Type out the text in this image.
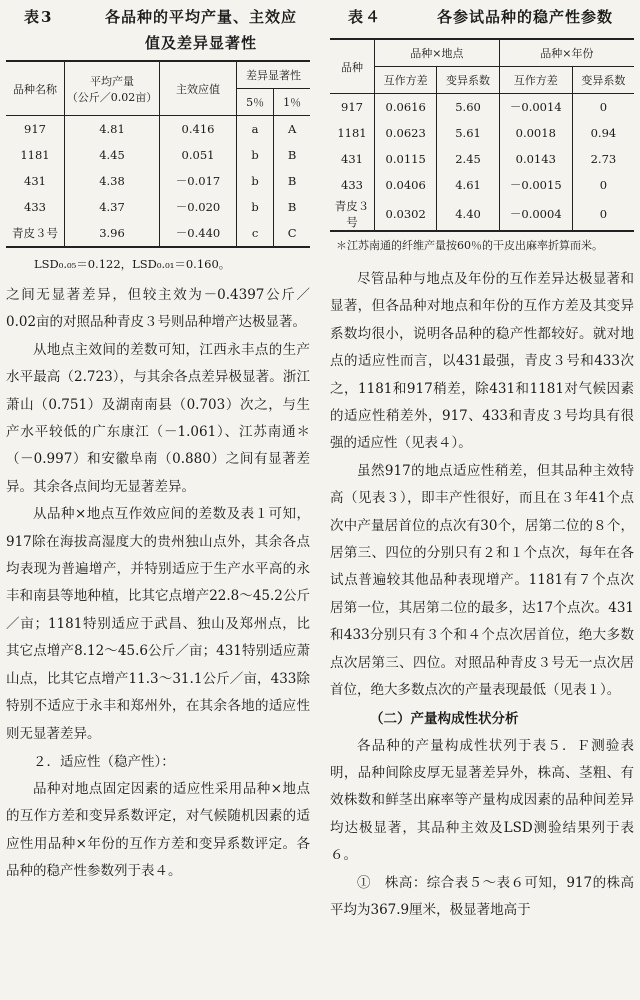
表3	各品种的平均产量、主效应
值及差异显著性
品种名称	平均产量
（公斤／0.02亩）	主效应值	差异显著性	
			5％	1％
917	4.81	0.416	a	A
1181	4.45	0.051	b	B
431	4.38	－0.017	b	B
433	4.37	－0.020	b	B
青皮３号	3.96	－0.440	c	C
LSD₀.₀₅＝0.122，LSD₀.₀₁＝0.160。

之间无显著差异，但较主效为－0.4397公斤／0.02亩的对照品种青皮３号则品种增产达极显著。

从地点主效间的差数可知，江西永丰点的生产水平最高（2.723），与其余各点差异极显著。浙江萧山（0.751）及湖南南县（0.703）次之，与生产水平较低的广东康江（－1.061）、江苏南通＊（－0.997）和安徽阜南（0.880）之间有显著差异。其余各点间均无显著差异。

从品种×地点互作效应间的差数及表１可知，917除在海拔高湿度大的贵州独山点外，其余各点均表现为普遍增产，并特别适应于生产水平高的永丰和南县等地种植，比其它点增产22.8～45.2公斤／亩；1181特别适应于武昌、独山及郑州点，比其它点增产8.12～45.6公斤／亩；431特别适应萧山点，比其它点增产11.3～31.1公斤／亩，433除特别不适应于永丰和郑州外，在其余各地的适应性则无显著差异。

２．适应性（稳产性）：

品种对地点固定因素的适应性采用品种×地点的互作方差和变异系数评定，对气候随机因素的适应性用品种×年份的互作方差和变异系数评定。各品种的稳产性参数列于表４。

表４	各参试品种的稳产性参数
品种	品种×地点		品种×年份	
	互作方差	变异系数	互作方差	变异系数
917	0.0616	5.60	－0.0014	0
1181	0.0623	5.61	0.0018	0.94
431	0.0115	2.45	0.0143	2.73
433	0.0406	4.61	－0.0015	0
青皮３号	0.0302	4.40	－0.0004	0
＊江苏南通的纤维产量按60％的干皮出麻率折算而米。

尽管品种与地点及年份的互作差异达极显著和显著，但各品种对地点和年份的互作方差及其变异系数均很小，说明各品种的稳产性都较好。就对地点的适应性而言，以431最强，青皮３号和433次之，1181和917稍差，除431和1181对气候因素的适应性稍差外，917、433和青皮３号均具有很强的适应性（见表４）。

虽然917的地点适应性稍差，但其品种主效特高（见表３），即丰产性很好，而且在３年41个点次中产量居首位的点次有30个，居第二位的８个，居第三、四位的分别只有２和１个点次，每年在各试点普遍较其他品种表现增产。1181有７个点次居第一位，其居第二位的最多，达17个点次。431和433分别只有３个和４个点次居首位，绝大多数点次居第三、四位。对照品种青皮３号无一点次居首位，绝大多数点次的产量表现最低（见表１）。

（二）产量构成性状分析

各品种的产量构成性状列于表５．Ｆ测验表明，品种间除皮厚无显著差异外，株高、茎粗、有效株数和鲜茎出麻率等产量构成因素的品种间差异均达极显著，其品种主效及LSD测验结果列于表６。

①　株高：综合表５～表６可知，917的株高平均为367.9厘米，极显著地高于
